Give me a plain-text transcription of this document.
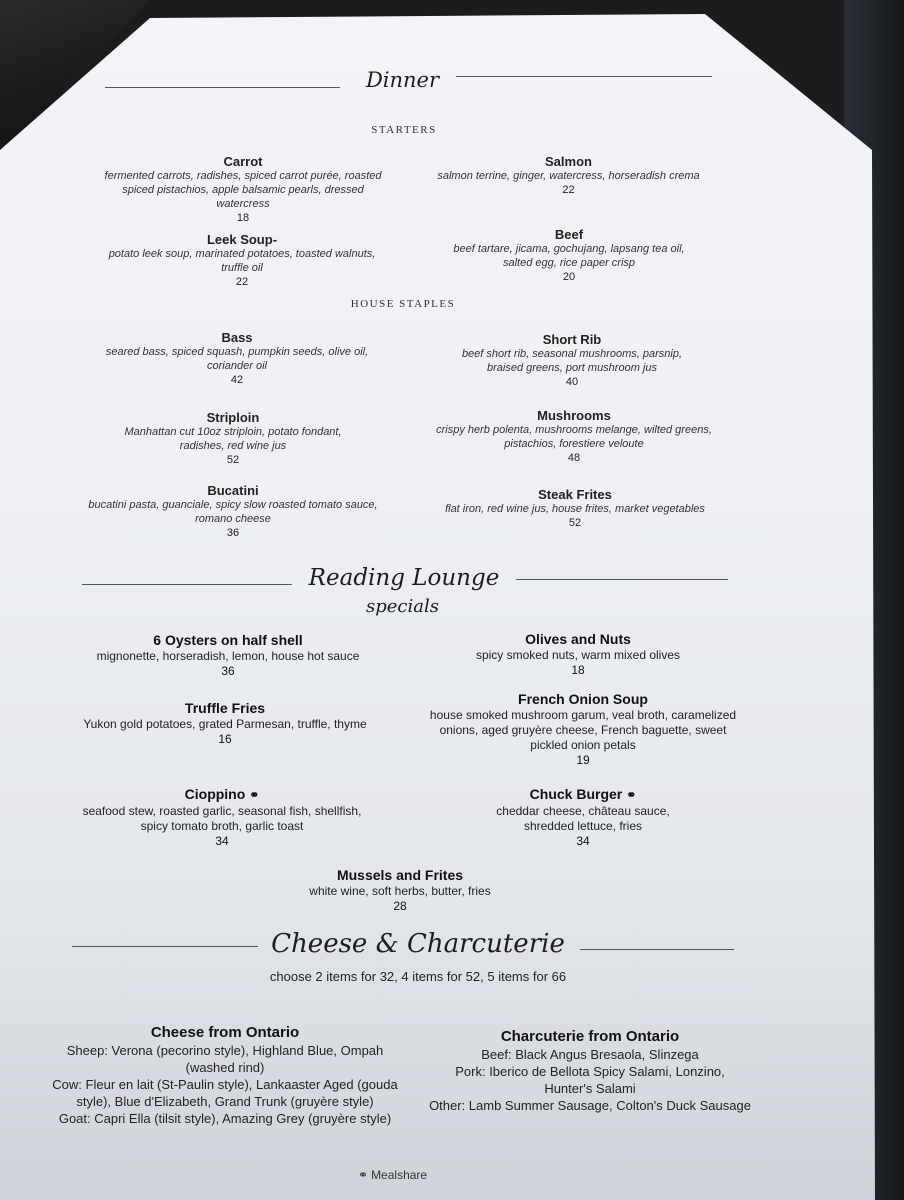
Dinner
STARTERS
Carrot
fermented carrots, radishes, spiced carrot purée, roasted spiced pistachios, apple balsamic pearls, dressed watercress
18
Salmon
salmon terrine, ginger, watercress, horseradish crema
22
Leek Soup-
potato leek soup, marinated potatoes, toasted walnuts, truffle oil
22
Beef
beef tartare, jicama, gochujang, lapsang tea oil, salted egg, rice paper crisp
20
HOUSE STAPLES
Bass
seared bass, spiced squash, pumpkin seeds, olive oil, coriander oil
42
Short Rib
beef short rib, seasonal mushrooms, parsnip, braised greens, port mushroom jus
40
Striploin
Manhattan cut 10oz striploin, potato fondant, radishes, red wine jus
52
Mushrooms
crispy herb polenta, mushrooms melange, wilted greens, pistachios, forestiere veloute
48
Bucatini
bucatini pasta, guanciale, spicy slow roasted tomato sauce, romano cheese
36
Steak Frites
flat iron, red wine jus, house frites, market vegetables
52
Reading Lounge
specials
6 Oysters on half shell
mignonette, horseradish, lemon, house hot sauce
36
Olives and Nuts
spicy smoked nuts, warm mixed olives
18
Truffle Fries
Yukon gold potatoes, grated Parmesan, truffle, thyme
16
French Onion Soup
house smoked mushroom garum, veal broth, caramelized onions, aged gruyère cheese, French baguette, sweet pickled onion petals
19
Cioppino ⚭
seafood stew, roasted garlic, seasonal fish, shellfish, spicy tomato broth, garlic toast
34
Chuck Burger ⚭
cheddar cheese, château sauce, shredded lettuce, fries
34
Mussels and Frites
white wine, soft herbs, butter, fries
28
Cheese & Charcuterie
choose 2 items for 32, 4 items for 52, 5 items for 66
Cheese from Ontario
Sheep: Verona (pecorino style), Highland Blue, Ompah
(washed rind)
Cow: Fleur en lait (St-Paulin style), Lankaaster Aged (gouda
style), Blue d'Elizabeth, Grand Trunk (gruyère style)
Goat: Capri Ella (tilsit style), Amazing Grey (gruyère style)
Charcuterie from Ontario
Beef: Black Angus Bresaola, Slinzega
Pork: Iberico de Bellota Spicy Salami, Lonzino,
Hunter's Salami
Other: Lamb Summer Sausage, Colton's Duck Sausage
⚭ Mealshare
